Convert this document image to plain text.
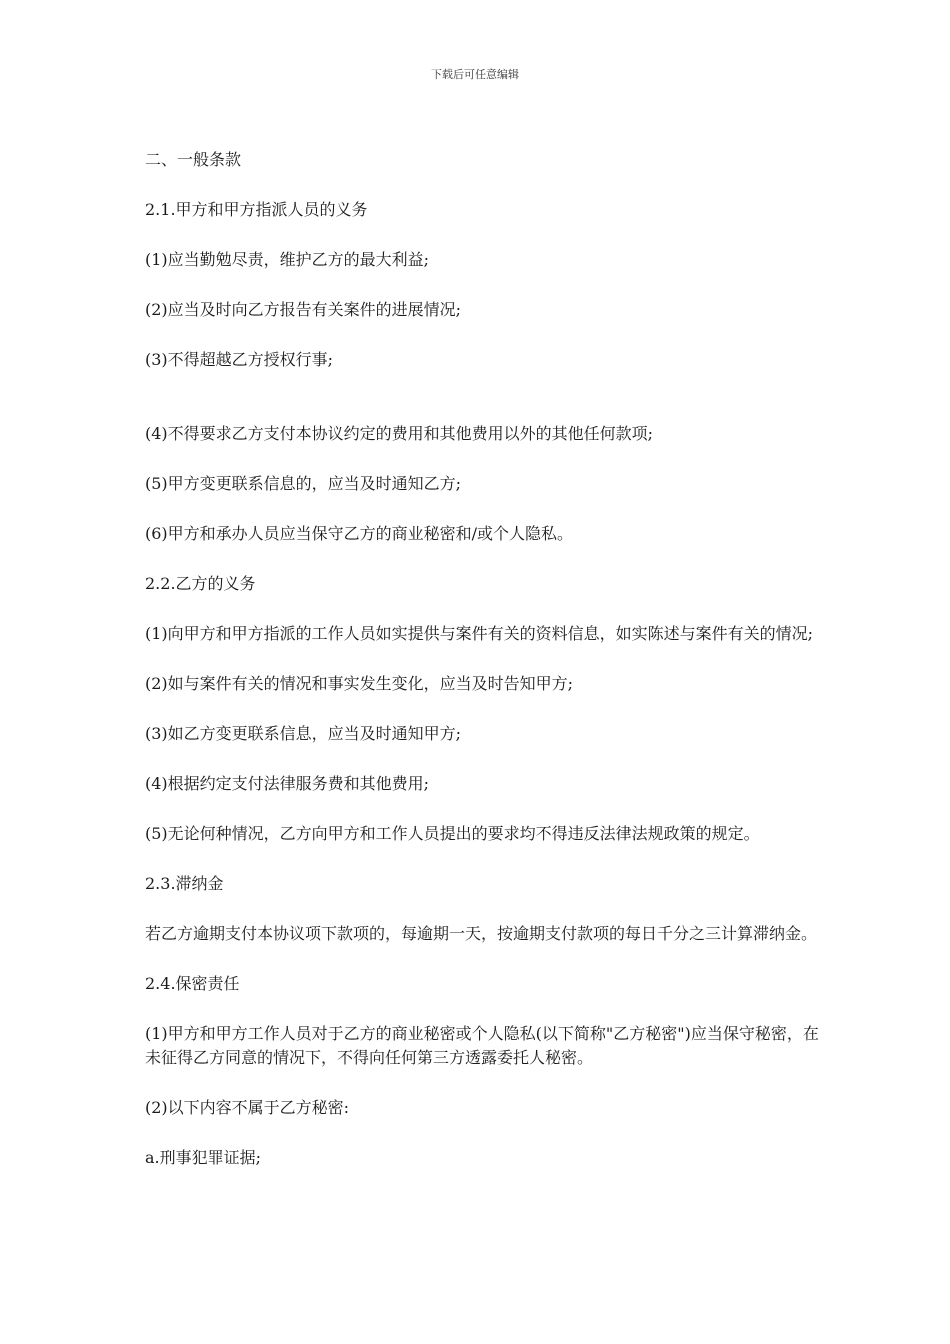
下载后可任意编辑

二、一般条款

2.1.甲方和甲方指派人员的义务

(1)应当勤勉尽责，维护乙方的最大利益;

(2)应当及时向乙方报告有关案件的进展情况;

(3)不得超越乙方授权行事;

(4)不得要求乙方支付本协议约定的费用和其他费用以外的其他任何款项;

(5)甲方变更联系信息的，应当及时通知乙方;

(6)甲方和承办人员应当保守乙方的商业秘密和/或个人隐私。

2.2.乙方的义务

(1)向甲方和甲方指派的工作人员如实提供与案件有关的资料信息，如实陈述与案件有关的情况;

(2)如与案件有关的情况和事实发生变化，应当及时告知甲方;

(3)如乙方变更联系信息，应当及时通知甲方;

(4)根据约定支付法律服务费和其他费用;

(5)无论何种情况，乙方向甲方和工作人员提出的要求均不得违反法律法规政策的规定。

2.3.滞纳金

若乙方逾期支付本协议项下款项的，每逾期一天，按逾期支付款项的每日千分之三计算滞纳金。

2.4.保密责任

(1)甲方和甲方工作人员对于乙方的商业秘密或个人隐私(以下简称"乙方秘密")应当保守秘密，在未征得乙方同意的情况下，不得向任何第三方透露委托人秘密。

(2)以下内容不属于乙方秘密:

a.刑事犯罪证据;
